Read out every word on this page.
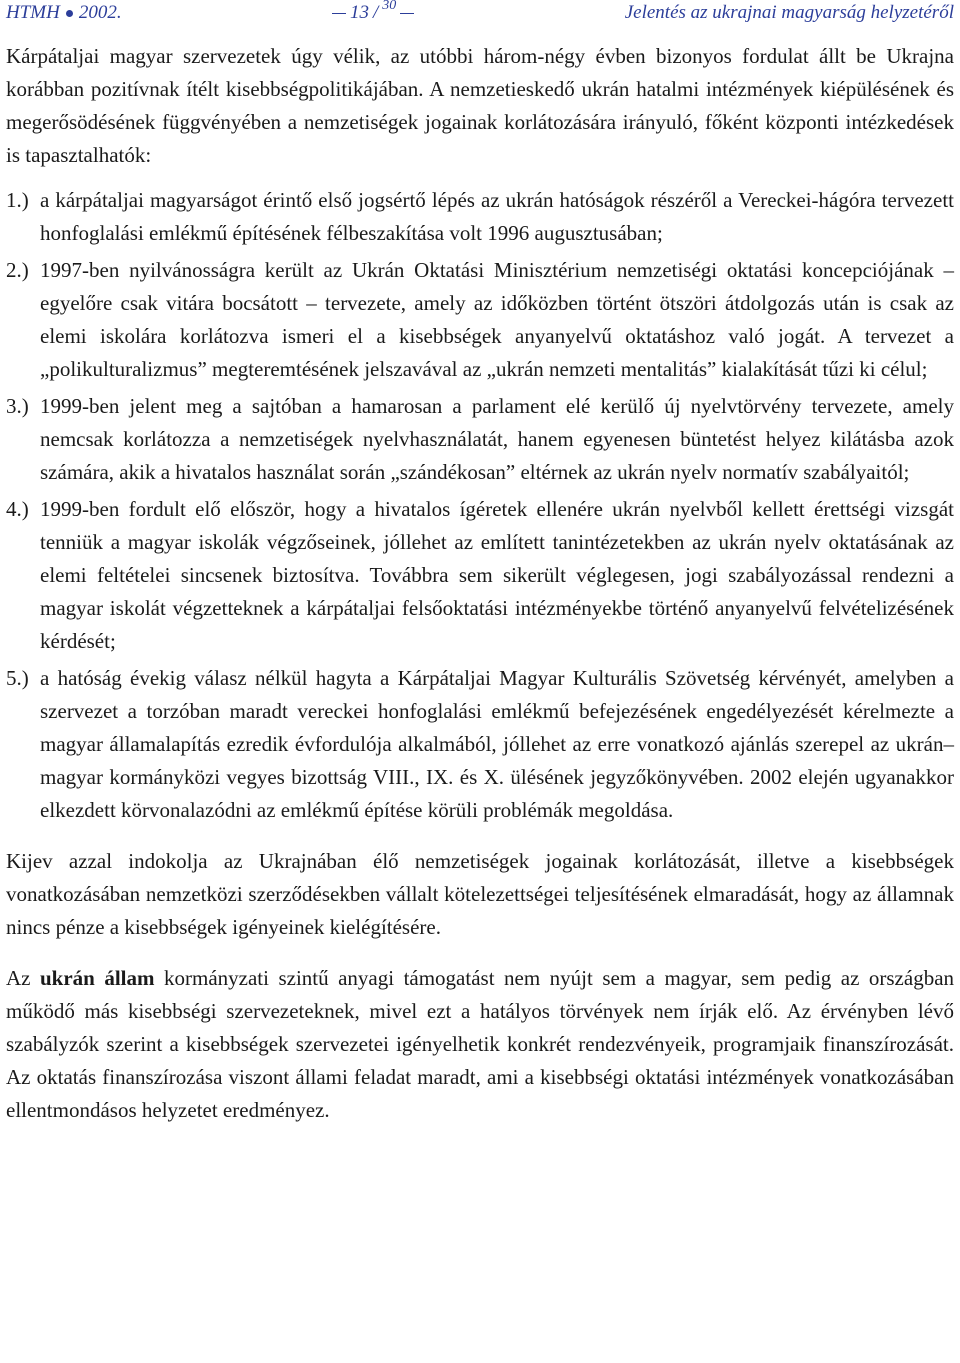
HTMH 2002.	13 / 30	Jelentés az ukrajnai magyarság helyzetéről

Kárpátaljai magyar szervezetek úgy vélik, az utóbbi három-négy évben bizonyos fordulat állt be Ukrajna korábban pozitívnak ítélt kisebbségpolitikájában. A nemzetieskedő ukrán hatalmi intézmények kiépülésének és megerősödésének függvényében a nemzetiségek jogainak korlátozására irányuló, főként központi intézkedések is tapasztalhatók:

1.) a kárpátaljai magyarságot érintő első jogsértő lépés az ukrán hatóságok részéről a Vereckei-hágóra tervezett honfoglalási emlékmű építésének félbeszakítása volt 1996 augusztusában;
2.) 1997-ben nyilvánosságra került az Ukrán Oktatási Minisztérium nemzetiségi oktatási koncepciójának – egyelőre csak vitára bocsátott – tervezete, amely az időközben történt ötszöri átdolgozás után is csak az elemi iskolára korlátozva ismeri el a kisebbségek anyanyelvű oktatáshoz való jogát. A tervezet a „polikulturalizmus” megteremtésének jelszavával az „ukrán nemzeti mentalitás” kialakítását tűzi ki célul;
3.) 1999-ben jelent meg a sajtóban a hamarosan a parlament elé kerülő új nyelvtörvény tervezete, amely nemcsak korlátozza a nemzetiségek nyelvhasználatát, hanem egyenesen büntetést helyez kilátásba azok számára, akik a hivatalos használat során „szándékosan” eltérnek az ukrán nyelv normatív szabályaitól;
4.) 1999-ben fordult elő először, hogy a hivatalos ígéretek ellenére ukrán nyelvből kellett érettségi vizsgát tenniük a magyar iskolák végzőseinek, jóllehet az említett tanintézetekben az ukrán nyelv oktatásának az elemi feltételei sincsenek biztosítva. Továbbra sem sikerült véglegesen, jogi szabályozással rendezni a magyar iskolát végzetteknek a kárpátaljai felsőoktatási intézményekbe történő anyanyelvű felvételizésének kérdését;
5.) a hatóság évekig válasz nélkül hagyta a Kárpátaljai Magyar Kulturális Szövetség kérvényét, amelyben a szervezet a torzóban maradt vereckei honfoglalási emlékmű befejezésének engedélyezését kérelmezte a magyar államalapítás ezredik évfordulója alkalmából, jóllehet az erre vonatkozó ajánlás szerepel az ukrán–magyar kormányközi vegyes bizottság VIII., IX. és X. ülésének jegyzőkönyvében. 2002 elején ugyanakkor elkezdett körvonalazódni az emlékmű építése körüli problémák megoldása.

Kijev azzal indokolja az Ukrajnában élő nemzetiségek jogainak korlátozását, illetve a kisebbségek vonatkozásában nemzetközi szerződésekben vállalt kötelezettségei teljesítésének elmaradását, hogy az államnak nincs pénze a kisebbségek igényeinek kielégítésére.

Az ukrán állam kormányzati szintű anyagi támogatást nem nyújt sem a magyar, sem pedig az országban működő más kisebbségi szervezeteknek, mivel ezt a hatályos törvények nem írják elő. Az érvényben lévő szabályzók szerint a kisebbségek szervezetei igényelhetik konkrét rendezvényeik, programjaik finanszírozását. Az oktatás finanszírozása viszont állami feladat maradt, ami a kisebbségi oktatási intézmények vonatkozásában ellentmondásos helyzetet eredményez.
